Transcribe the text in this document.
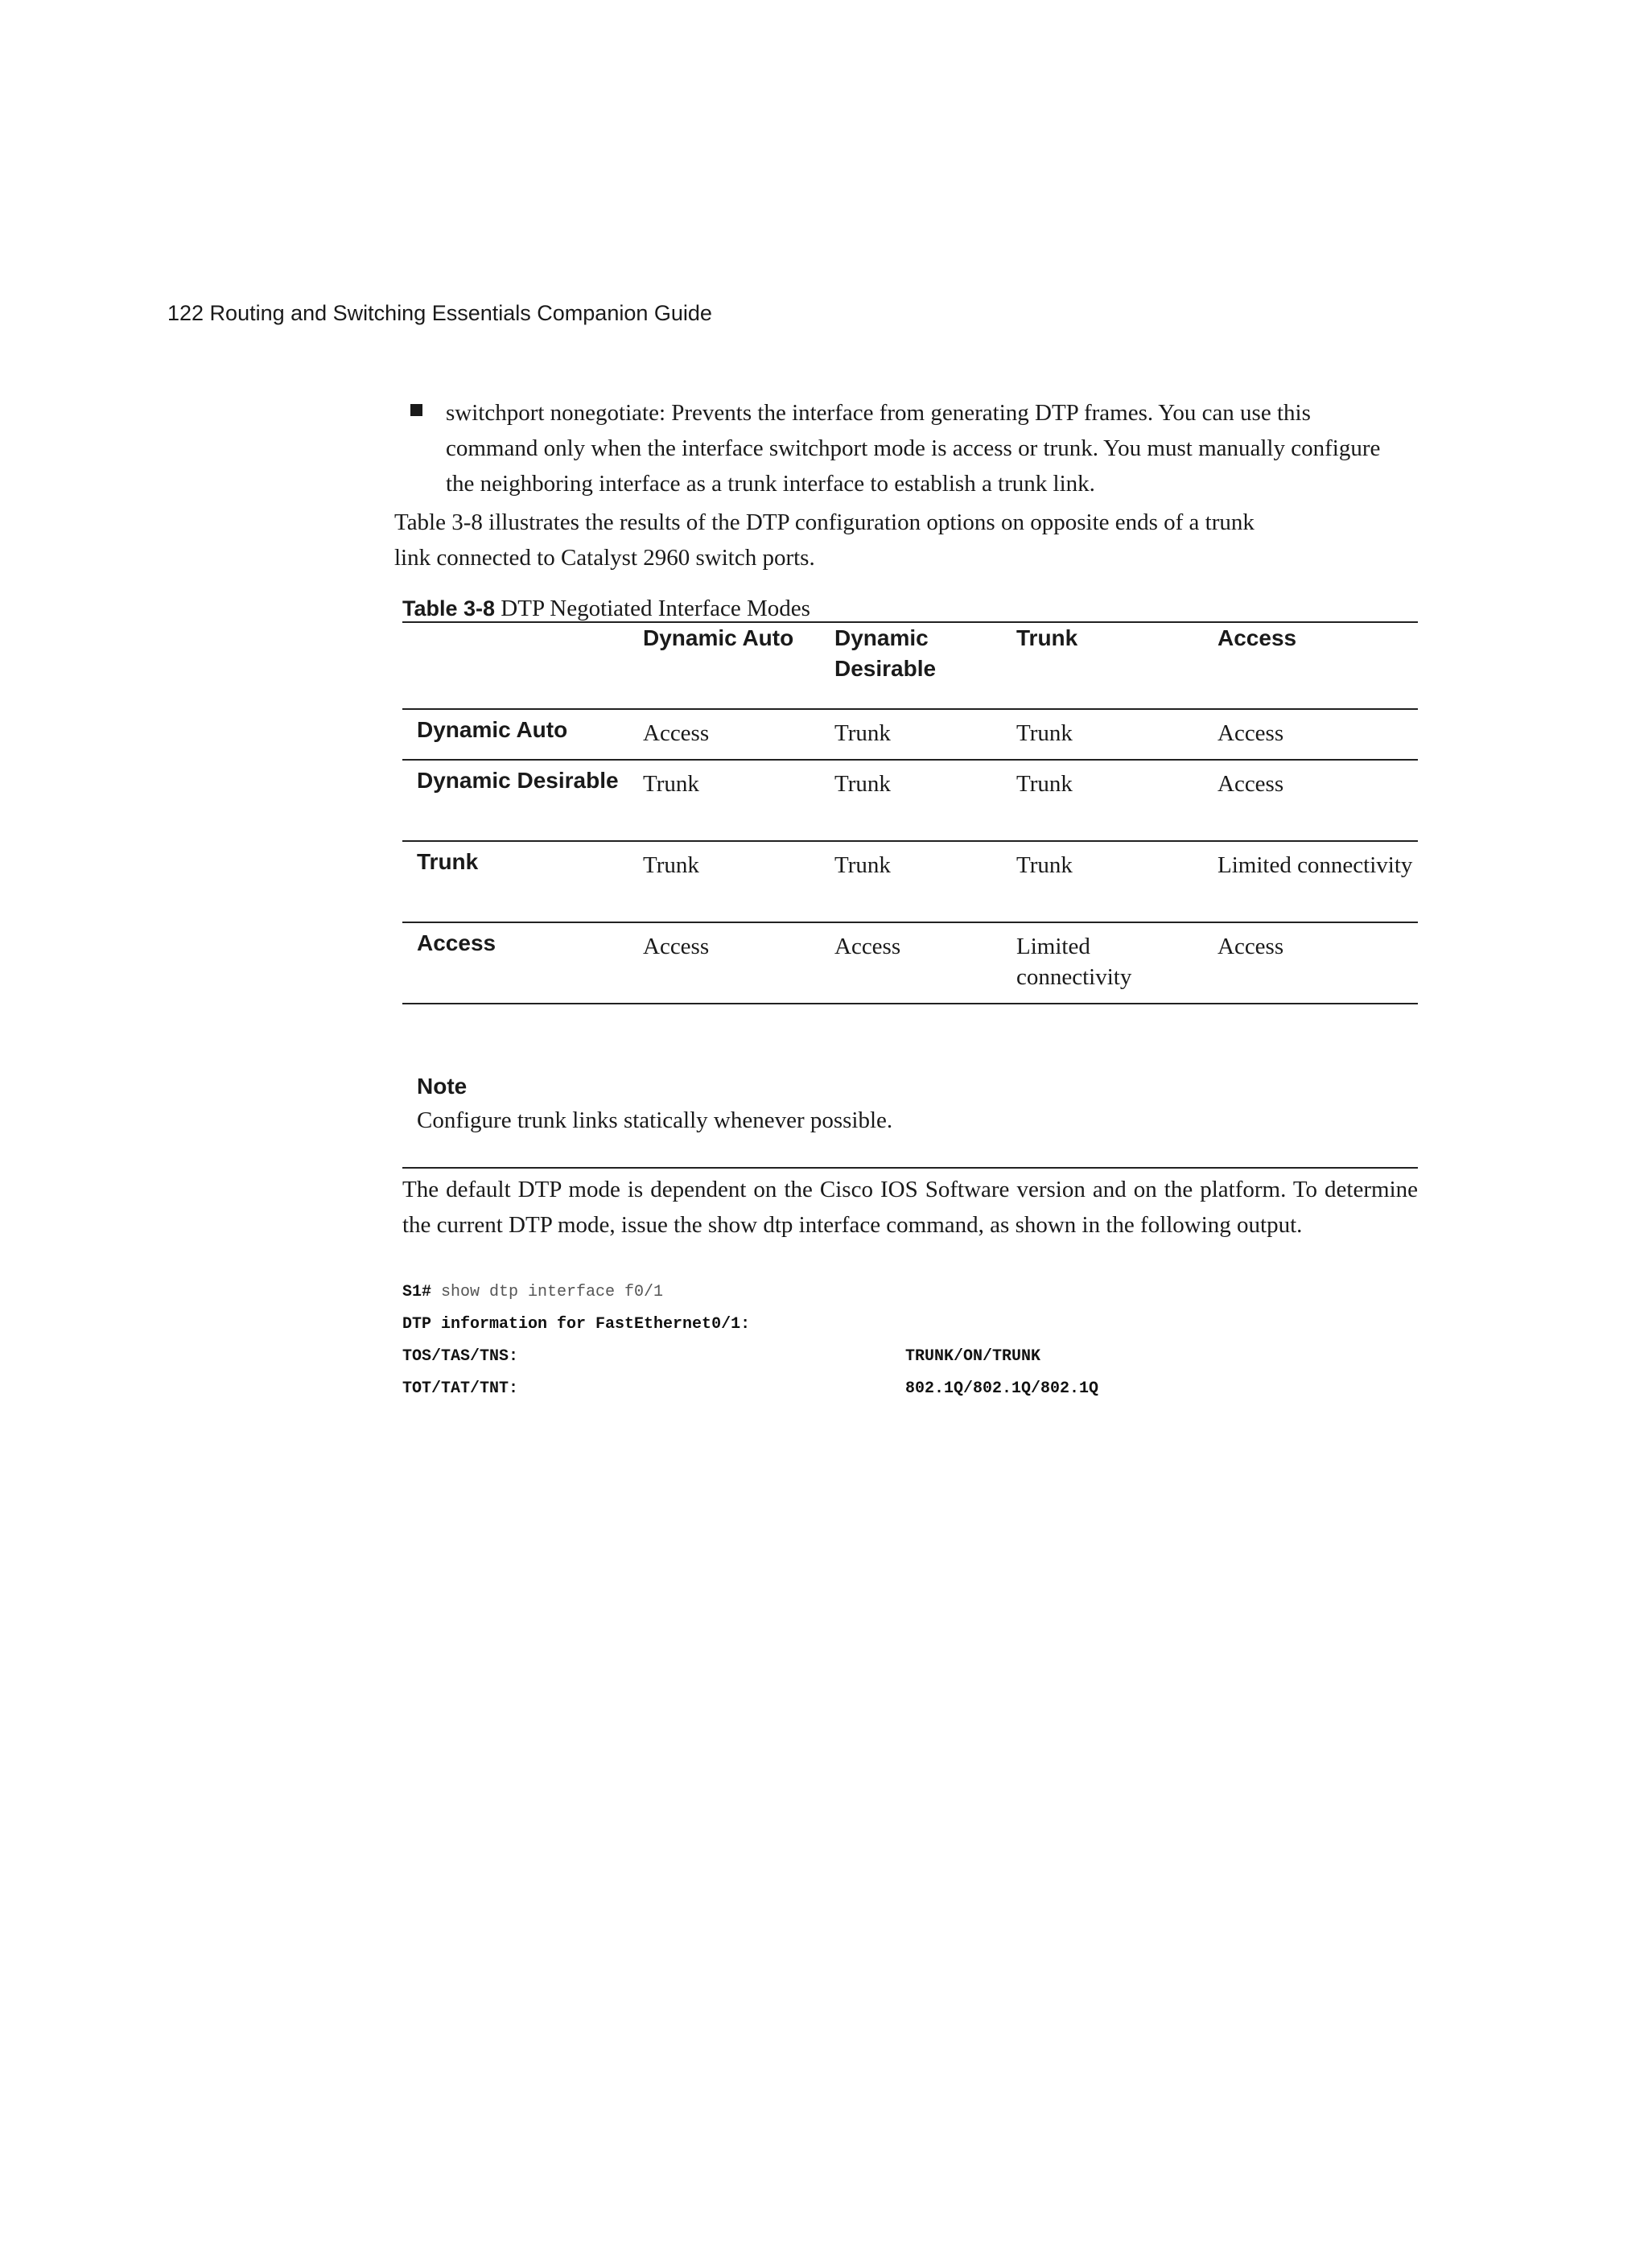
122 Routing and Switching Essentials Companion Guide
switchport nonegotiate: Prevents the interface from generating DTP frames. You can use this command only when the interface switchport mode is access or trunk. You must manually configure the neighboring interface as a trunk interface to establish a trunk link.
Table 3-8 illustrates the results of the DTP configuration options on opposite ends of a trunk
link connected to Catalyst 2960 switch ports.
Table 3-8 DTP Negotiated Interface Modes
	Dynamic Auto	Dynamic Desirable	Trunk	Access
Dynamic Auto	Access	Trunk	Trunk	Access
Dynamic Desirable	Trunk	Trunk	Trunk	Access
Trunk	Trunk	Trunk	Trunk	Limited connectivity
Access	Access	Access	Limited connectivity	Access
Note
Configure trunk links statically whenever possible.
The default DTP mode is dependent on the Cisco IOS Software version and on the platform. To determine the current DTP mode, issue the show dtp interface command, as shown in the following output.
S1# show dtp interface f0/1
DTP information for FastEthernet0/1:
TOS/TAS/TNS:	TRUNK/ON/TRUNK
TOT/TAT/TNT:	802.1Q/802.1Q/802.1Q
